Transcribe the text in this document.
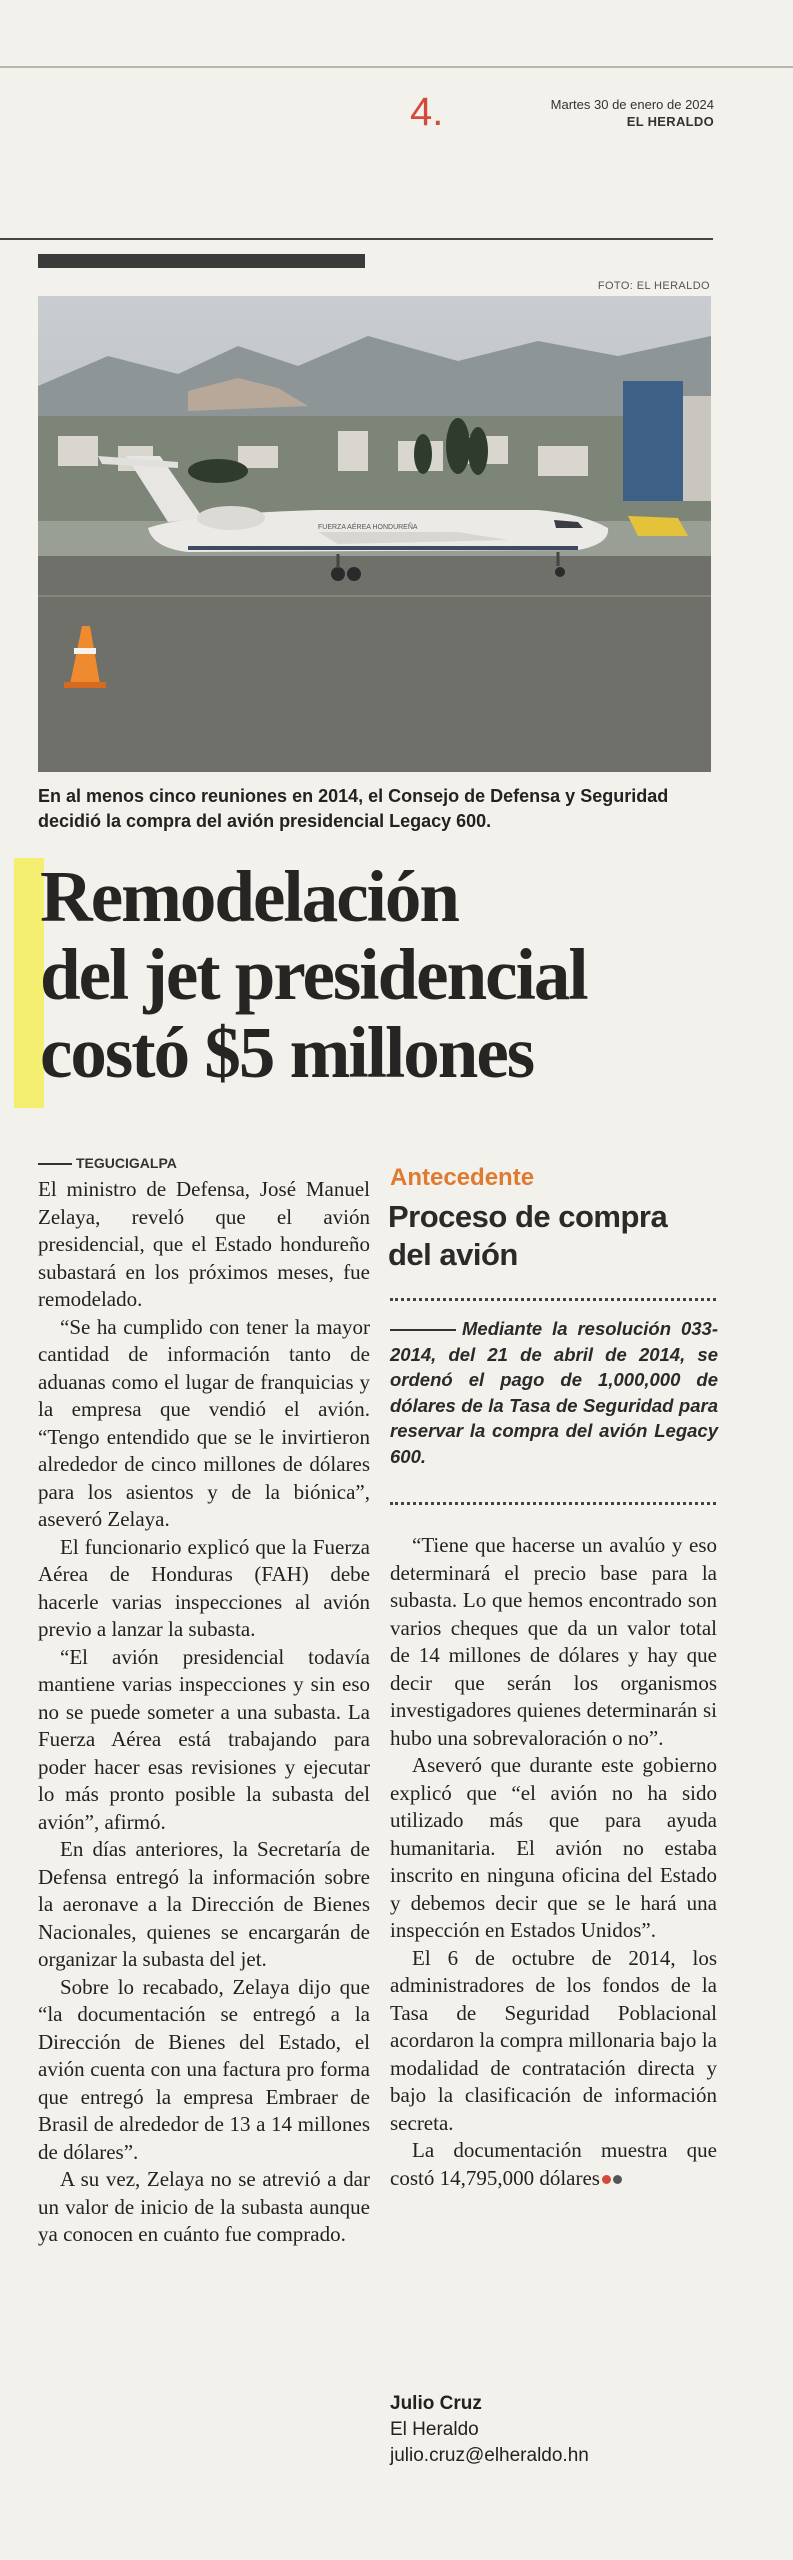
4.	Martes 30 de enero de 2024
EL HERALDO
FOTO: EL HERALDO
FUERZA AÉREA HONDUREÑA
En al menos cinco reuniones en 2014, el Consejo de Defensa y Seguridad decidió la compra del avión presidencial Legacy 600.
Remodelación
del jet presidencial
costó $5 millones
TEGUCIGALPA

El ministro de Defensa, José Manuel Zelaya, reveló que el avión presidencial, que el Estado hondureño subastará en los próximos meses, fue remodelado.

“Se ha cumplido con tener la mayor cantidad de información tanto de aduanas como el lugar de franquicias y la empresa que vendió el avión. “Tengo entendido que se le invirtieron alrededor de cinco millones de dólares para los asientos y de la biónica”, aseveró Zelaya.

El funcionario explicó que la Fuerza Aérea de Honduras (FAH) debe hacerle varias inspecciones al avión previo a lanzar la subasta.

“El avión presidencial todavía mantiene varias inspecciones y sin eso no se puede someter a una subasta. La Fuerza Aérea está trabajando para poder hacer esas revisiones y ejecutar lo más pronto posible la subasta del avión”, afirmó.

En días anteriores, la Secretaría de Defensa entregó la información sobre la aeronave a la Dirección de Bienes Nacionales, quienes se encargarán de organizar la subasta del jet.

Sobre lo recabado, Zelaya dijo que “la documentación se entregó a la Dirección de Bienes del Estado, el avión cuenta con una factura pro forma que entregó la empresa Embraer de Brasil de alrededor de 13 a 14 millones de dólares”.

A su vez, Zelaya no se atrevió a dar un valor de inicio de la subasta aunque ya conocen en cuánto fue comprado.

Antecedente
Proceso de compra del avión
Mediante la resolución 033-2014, del 21 de abril de 2014, se ordenó el pago de 1,000,000 de dólares de la Tasa de Seguridad para reservar la compra del avión Legacy 600.

“Tiene que hacerse un avalúo y eso determinará el precio base para la subasta. Lo que hemos encontrado son varios cheques que da un valor total de 14 millones de dólares y hay que decir que serán los organismos investigadores quienes determinarán si hubo una sobrevaloración o no”.

Aseveró que durante este gobierno explicó que “el avión no ha sido utilizado más que para ayuda humanitaria. El avión no estaba inscrito en ninguna oficina del Estado y debemos decir que se le hará una inspección en Estados Unidos”.

El 6 de octubre de 2014, los administradores de los fondos de la Tasa de Seguridad Poblacional acordaron la compra millonaria bajo la modalidad de contratación directa y bajo la clasificación de información secreta.

La documentación muestra que costó 14,795,000 dólares

Julio Cruz
El Heraldo
julio.cruz@elheraldo.hn
